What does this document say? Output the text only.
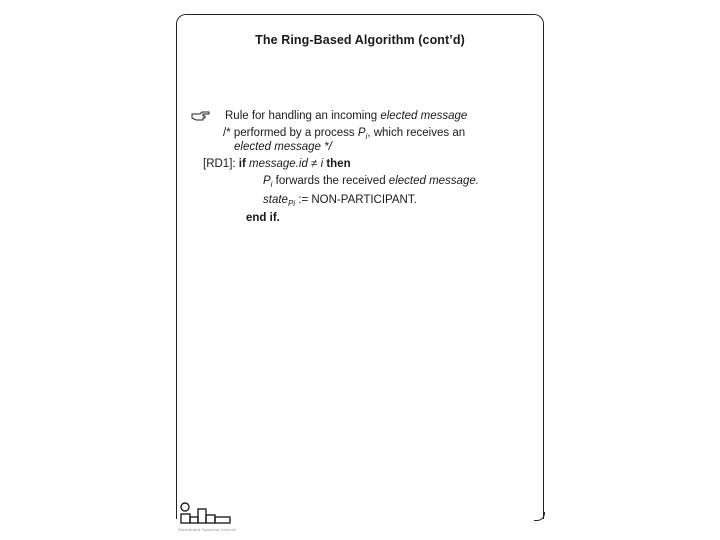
The Ring-Based Algorithm (cont’d)
Rule for handling an incoming elected message
/* performed by a process $P_i$, which receives an
elected message */
[RD1]: if message.id ≠ i then
$P_i$ forwards the received elected message.
state$_{Pi}$ := NON-PARTICIPANT.
end if.
Distributed Systems Lecture
